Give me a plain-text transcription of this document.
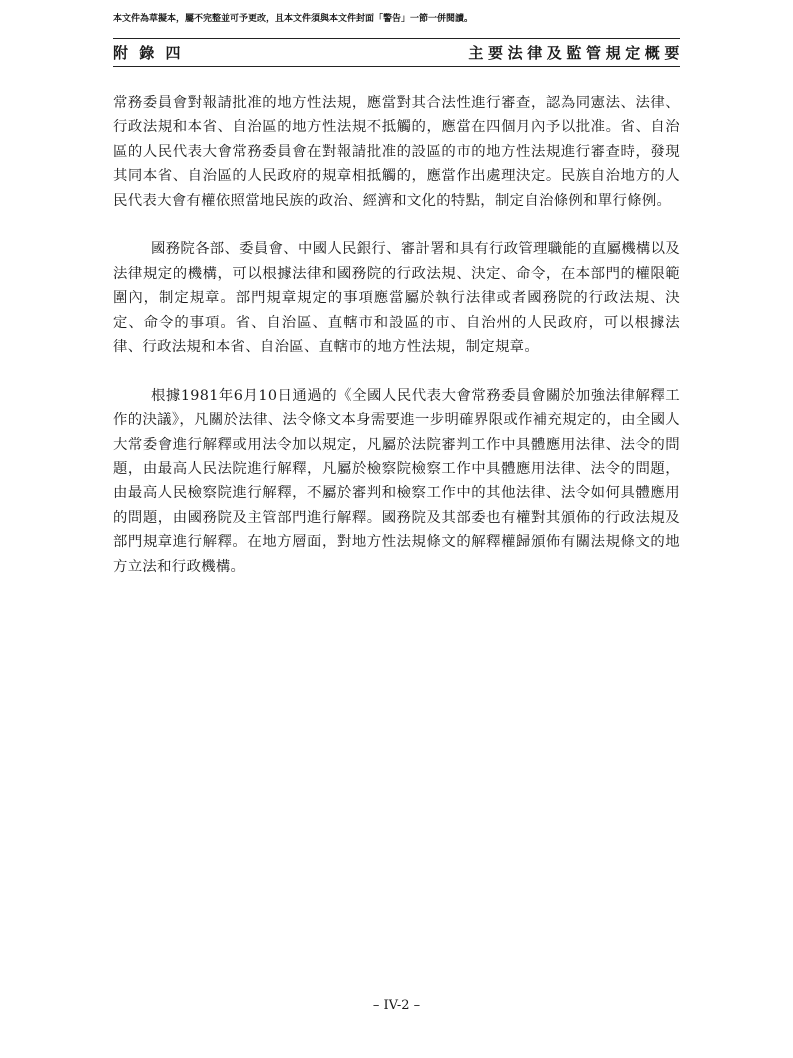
本文件為草擬本，屬不完整並可予更改，且本文件須與本文件封面「警告」一節一併閱讀。
附 錄 四	主要法律及監管規定概要

常務委員會對報請批准的地方性法規，應當對其合法性進行審查，認為同憲法、法律、行政法規和本省、自治區的地方性法規不抵觸的，應當在四個月內予以批准。省、自治區的人民代表大會常務委員會在對報請批准的設區的市的地方性法規進行審查時，發現其同本省、自治區的人民政府的規章相抵觸的，應當作出處理決定。民族自治地方的人民代表大會有權依照當地民族的政治、經濟和文化的特點，制定自治條例和單行條例。

國務院各部、委員會、中國人民銀行、審計署和具有行政管理職能的直屬機構以及法律規定的機構，可以根據法律和國務院的行政法規、決定、命令，在本部門的權限範圍內，制定規章。部門規章規定的事項應當屬於執行法律或者國務院的行政法規、決定、命令的事項。省、自治區、直轄市和設區的市、自治州的人民政府，可以根據法律、行政法規和本省、自治區、直轄市的地方性法規，制定規章。

根據1981年6月10日通過的《全國人民代表大會常務委員會關於加強法律解釋工作的決議》，凡關於法律、法令條文本身需要進一步明確界限或作補充規定的，由全國人大常委會進行解釋或用法令加以規定，凡屬於法院審判工作中具體應用法律、法令的問題，由最高人民法院進行解釋，凡屬於檢察院檢察工作中具體應用法律、法令的問題，由最高人民檢察院進行解釋，不屬於審判和檢察工作中的其他法律、法令如何具體應用的問題，由國務院及主管部門進行解釋。國務院及其部委也有權對其頒佈的行政法規及部門規章進行解釋。在地方層面，對地方性法規條文的解釋權歸頒佈有關法規條文的地方立法和行政機構。

– IV-2 –
